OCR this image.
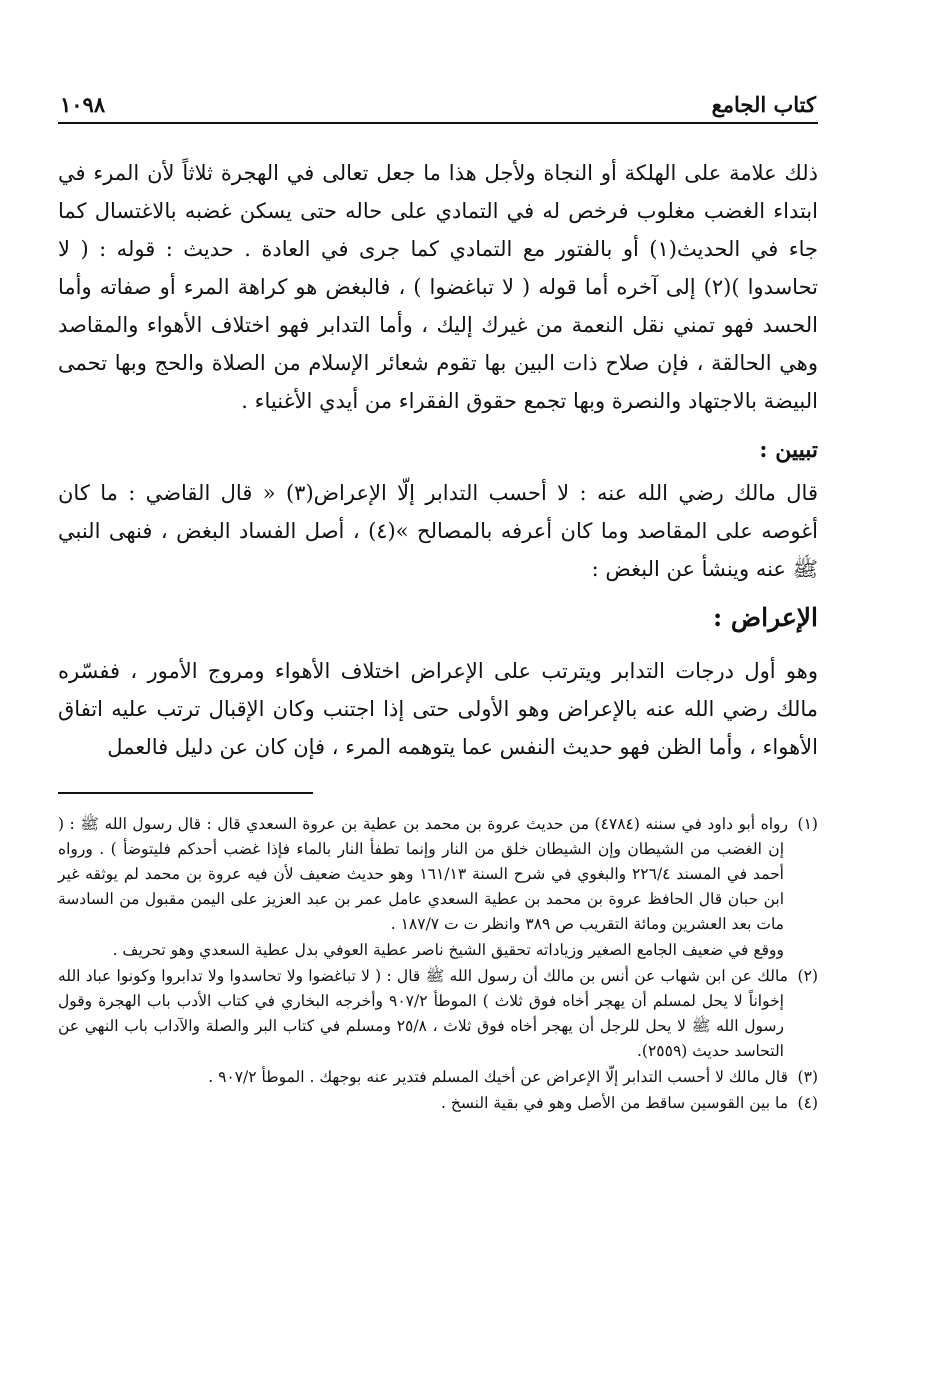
كتاب الجامع
١٠٩٨

ذلك علامة على الهلكة أو النجاة ولأجل هذا ما جعل تعالى في الهجرة ثلاثاً لأن المرء في ابتداء الغضب مغلوب فرخص له في التمادي على حاله حتى يسكن غضبه بالاغتسال كما جاء في الحديث(١) أو بالفتور مع التمادي كما جرى في العادة . حديث : قوله : ( لا تحاسدوا )(٢) إلى آخره أما قوله ( لا تباغضوا ) ، فالبغض هو كراهة المرء أو صفاته وأما الحسد فهو تمني نقل النعمة من غيرك إليك ، وأما التدابر فهو اختلاف الأهواء والمقاصد وهي الحالقة ، فإن صلاح ذات البين بها تقوم شعائر الإسلام من الصلاة والحج وبها تحمى البيضة بالاجتهاد والنصرة وبها تجمع حقوق الفقراء من أيدي الأغنياء .

تبيين :

قال مالك رضي الله عنه : لا أحسب التدابر إلّا الإعراض(٣) « قال القاضي : ما كان أغوصه على المقاصد وما كان أعرفه بالمصالح »(٤) ، أصل الفساد البغض ، فنهى النبي ﷺ عنه وينشأ عن البغض :

الإعراض :

وهو أول درجات التدابر ويترتب على الإعراض اختلاف الأهواء ومروج الأمور ، ففسّره مالك رضي الله عنه بالإعراض وهو الأولى حتى إذا اجتنب وكان الإقبال ترتب عليه اتفاق الأهواء ، وأما الظن فهو حديث النفس عما يتوهمه المرء ، فإن كان عن دليل فالعمل

(١)رواه أبو داود في سننه (٤٧٨٤) من حديث عروة بن محمد بن عطية بن عروة السعدي قال : قال رسول الله ﷺ : ( إن الغضب من الشيطان وإن الشيطان خلق من النار وإنما تطفأ النار بالماء فإذا غضب أحدكم فليتوضأ ) . ورواه أحمد في المسند ٢٢٦/٤ والبغوي في شرح السنة ١٦١/١٣ وهو حديث ضعيف لأن فيه عروة بن محمد لم يوثقه غير ابن حبان قال الحافظ عروة بن محمد بن عطية السعدي عامل عمر بن عبد العزيز على اليمن مقبول من السادسة مات بعد العشرين ومائة التقريب ص ٣٨٩ وانظر ت ت ١٨٧/٧ .
ووقع في ضعيف الجامع الصغير وزياداته تحقيق الشيخ ناصر عطية العوفي بدل عطية السعدي وهو تحريف .
(٢)مالك عن ابن شهاب عن أنس بن مالك أن رسول الله ﷺ قال : ( لا تباغضوا ولا تحاسدوا ولا تدابروا وكونوا عباد الله إخواناً لا يحل لمسلم أن يهجر أخاه فوق ثلاث ) الموطأ ٩٠٧/٢ وأخرجه البخاري في كتاب الأدب باب الهجرة وقول رسول الله ﷺ لا يحل للرجل أن يهجر أخاه فوق ثلاث ، ٢٥/٨ ومسلم في كتاب البر والصلة والآداب باب النهي عن التحاسد حديث (٢٥٥٩).
(٣)قال مالك لا أحسب التدابر إلّا الإعراض عن أخيك المسلم فتدير عنه بوجهك . الموطأ ٩٠٧/٢ .
(٤)ما بين القوسين ساقط من الأصل وهو في بقية النسخ .
